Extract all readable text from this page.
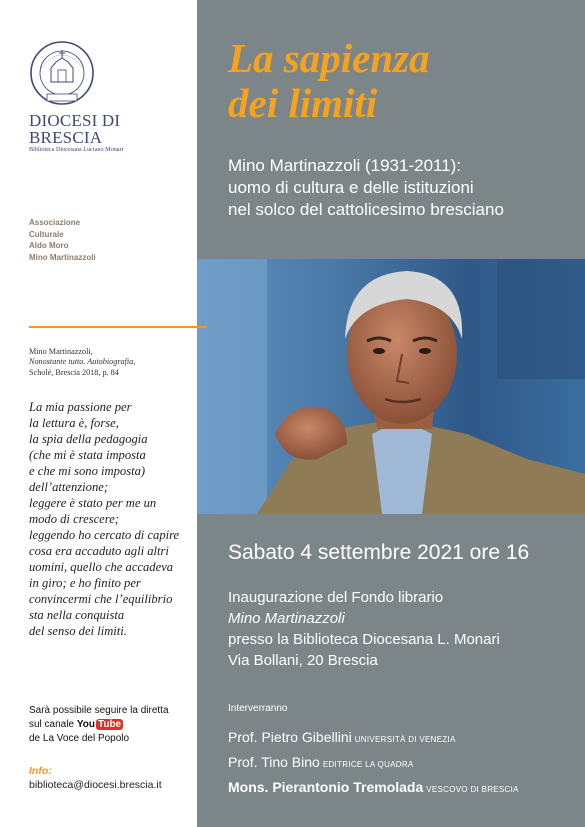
DIOCESI DI
BRESCIA
Biblioteca Diocesana Luciano Monari
Associazione
Culturale
Aldo Moro
Mino Martinazzoli
Mino Martinazzoli,
Nonostante tutto. Autobiografia,
Scholé, Brescia 2018, p. 84
La mia passione per
la lettura è, forse,
la spia della pedagogia
(che mi è stata imposta
e che mi sono imposta)
dell’attenzione;
leggere è stato per me un
modo di crescere;
leggendo ho cercato di capire
cosa era accaduto agli altri
uomini, quello che accadeva
in giro; e ho finito per
convincermi che l’equilibrio
sta nella conquista
del senso dei limiti.
Sarà possibile seguire la diretta
sul canale You Tube
de La Voce del Popolo
Info:
biblioteca@diocesi.brescia.it
La sapienza
dei limiti
Mino Martinazzoli (1931-2011):
uomo di cultura e delle istituzioni
nel solco del cattolicesimo bresciano
Sabato 4 settembre 2021 ore 16
Inaugurazione del Fondo librario
Mino Martinazzoli
presso la Biblioteca Diocesana L. Monari
Via Bollani, 20 Brescia
Interverranno
Prof. Pietro Gibellini UNIVERSITÀ DI VENEZIA
Prof. Tino Bino EDITRICE LA QUADRA
Mons. Pierantonio Tremolada VESCOVO DI BRESCIA
